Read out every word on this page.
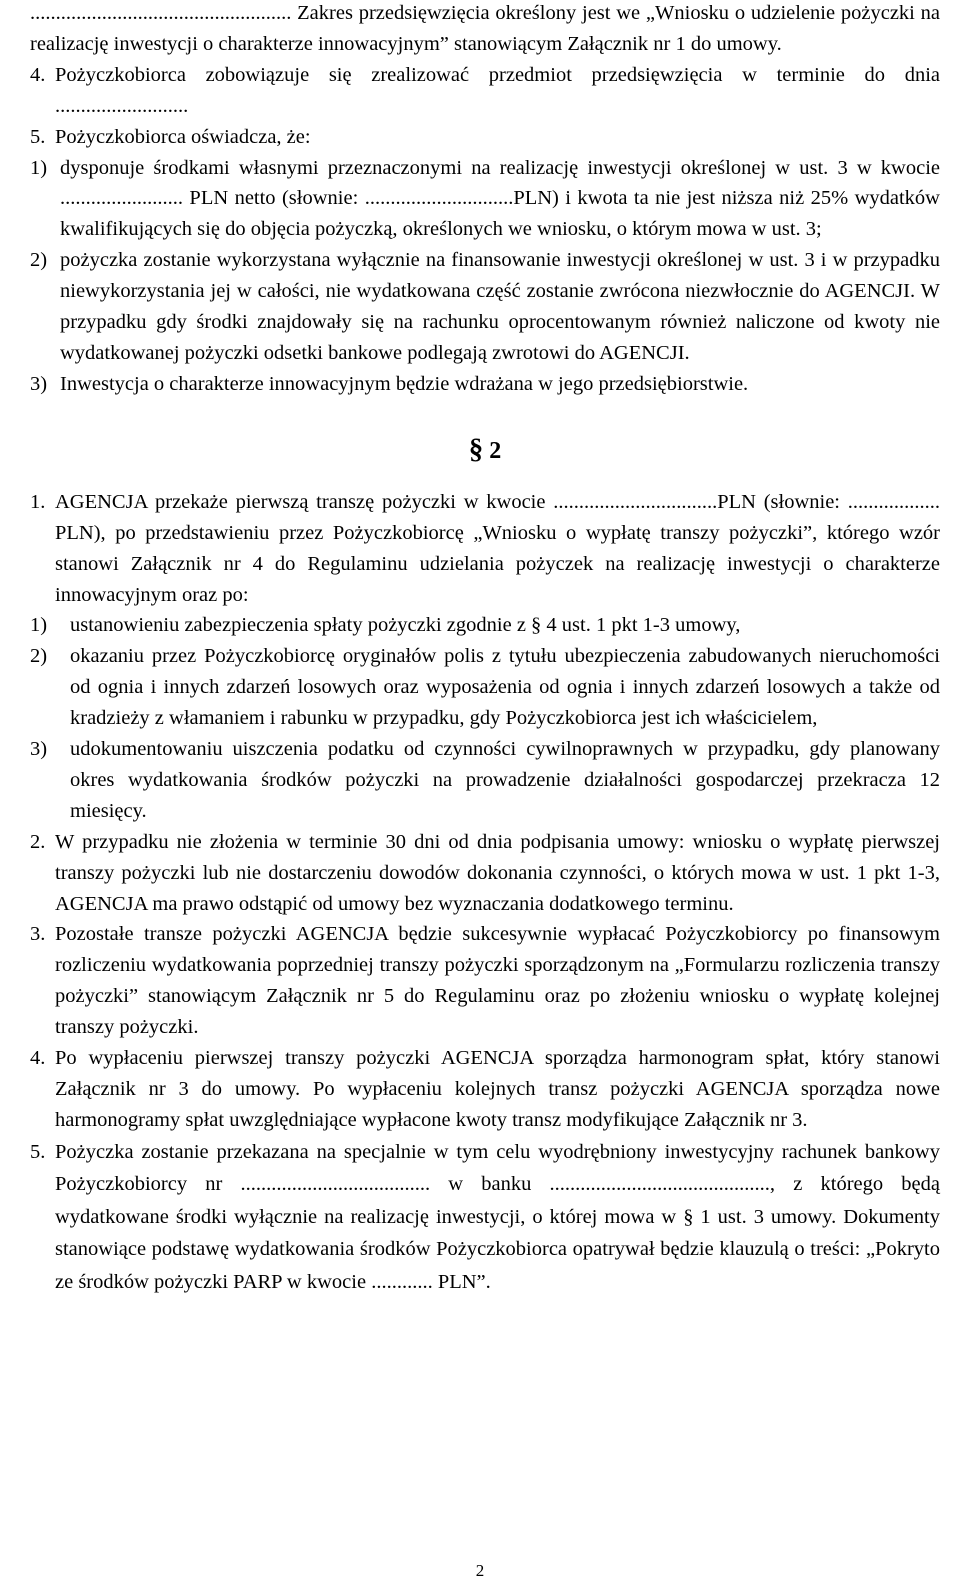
................................................... Zakres przedsięwzięcia określony jest we „Wniosku o udzielenie pożyczki na realizację inwestycji o charakterze innowacyjnym” stanowiącym Załącznik nr 1 do umowy.
4. Pożyczkobiorca zobowiązuje się zrealizować przedmiot przedsięwzięcia w terminie do dnia ..........................
5. Pożyczkobiorca oświadcza, że:
1) dysponuje środkami własnymi przeznaczonymi na realizację inwestycji określonej w ust. 3 w kwocie ........................ PLN netto (słownie: .............................PLN) i kwota ta nie jest niższa niż 25% wydatków kwalifikujących się do objęcia pożyczką, określonych we wniosku, o którym mowa w ust. 3;
2) pożyczka zostanie wykorzystana wyłącznie na finansowanie inwestycji określonej w ust. 3 i w przypadku niewykorzystania jej w całości, nie wydatkowana część zostanie zwrócona niezwłocznie do AGENCJI. W przypadku gdy środki znajdowały się na rachunku oprocentowanym również naliczone od kwoty nie wydatkowanej pożyczki odsetki bankowe podlegają zwrotowi do AGENCJI.
3) Inwestycja o charakterze innowacyjnym będzie wdrażana w jego przedsiębiorstwie.
§ 2
1. AGENCJA przekaże pierwszą transzę pożyczki w kwocie ................................PLN (słownie: .................. PLN), po przedstawieniu przez Pożyczkobiorcę „Wniosku o wypłatę transzy pożyczki”, którego wzór stanowi Załącznik nr 4 do Regulaminu udzielania pożyczek na realizację inwestycji o charakterze innowacyjnym oraz po:
1)	ustanowieniu zabezpieczenia spłaty pożyczki zgodnie z § 4 ust. 1 pkt 1-3 umowy,
2)	okazaniu przez Pożyczkobiorcę oryginałów polis z tytułu ubezpieczenia zabudowanych nieruchomości od ognia i innych zdarzeń losowych oraz wyposażenia od ognia i innych zdarzeń losowych a także od kradzieży z włamaniem i rabunku w przypadku, gdy Pożyczkobiorca jest ich właścicielem,
3)	udokumentowaniu uiszczenia podatku od czynności cywilnoprawnych w przypadku, gdy planowany okres wydatkowania środków pożyczki na prowadzenie działalności gospodarczej przekracza 12 miesięcy.
2. W przypadku nie złożenia w terminie 30 dni od dnia podpisania umowy: wniosku o wypłatę pierwszej transzy pożyczki lub nie dostarczeniu dowodów dokonania czynności, o których mowa w ust. 1 pkt 1-3, AGENCJA ma prawo odstąpić od umowy bez wyznaczania dodatkowego terminu.
3. Pozostałe transze pożyczki AGENCJA będzie sukcesywnie wypłacać Pożyczkobiorcy po finansowym rozliczeniu wydatkowania poprzedniej transzy pożyczki sporządzonym na „Formularzu rozliczenia transzy pożyczki” stanowiącym Załącznik nr 5 do Regulaminu oraz po złożeniu wniosku o wypłatę kolejnej transzy pożyczki.
4. Po wypłaceniu pierwszej transzy pożyczki AGENCJA sporządza harmonogram spłat, który stanowi Załącznik nr 3 do umowy. Po wypłaceniu kolejnych transz pożyczki AGENCJA sporządza nowe harmonogramy spłat uwzględniające wypłacone kwoty transz modyfikujące Załącznik nr 3.
5. Pożyczka zostanie przekazana na specjalnie w tym celu wyodrębniony inwestycyjny rachunek bankowy Pożyczkobiorcy nr ..................................... w banku ..........................................., z którego będą wydatkowane środki wyłącznie na realizację inwestycji, o której mowa w § 1 ust. 3 umowy. Dokumenty stanowiące podstawę wydatkowania środków Pożyczkobiorca opatrywał będzie klauzulą o treści: „Pokryto ze środków pożyczki PARP w kwocie ............ PLN”.
2
